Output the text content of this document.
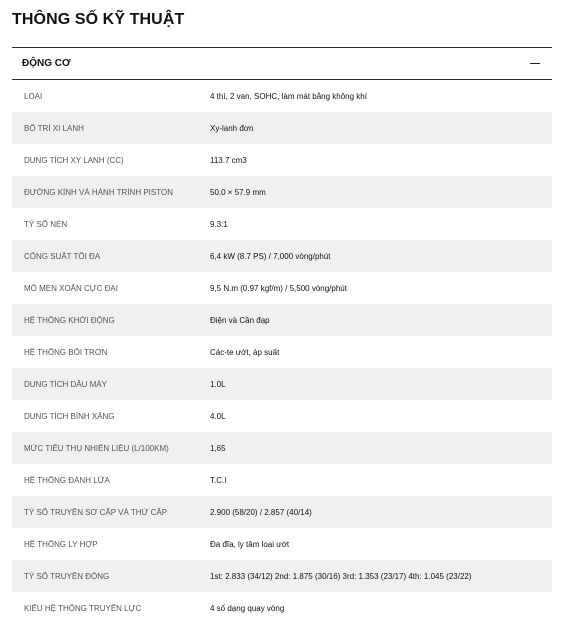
THÔNG SỐ KỸ THUẬT
ĐỘNG CƠ
LOẠI	4 thì, 2 van, SOHC, làm mát bằng không khí
BỐ TRÍ XI LANH	Xy-lanh đơn
DUNG TÍCH XY LANH (CC)	113.7 cm3
ĐƯỜNG KÍNH VÀ HÀNH TRÌNH PISTON	50.0 × 57.9 mm
TỶ SỐ NÉN	9.3:1
CÔNG SUẤT TỐI ĐA	6,4 kW (8.7 PS) / 7,000 vòng/phút
MÔ MEN XOẮN CỰC ĐẠI	9,5 N.m (0.97 kgf/m) / 5,500 vòng/phút
HỆ THỐNG KHỞI ĐỘNG	Điện và Cần đạp
HỆ THỐNG BÔI TRƠN	Các-te ướt, áp suất
DUNG TÍCH DẦU MÁY	1.0L
DUNG TÍCH BÌNH XĂNG	4.0L
MỨC TIÊU THỤ NHIÊN LIỆU (L/100KM)	1,65
HỆ THỐNG ĐÁNH LỬA	T.C.I
TỶ SỐ TRUYỀN SƠ CẤP VÀ THỨ CẤP	2.900 (58/20) / 2.857 (40/14)
HỆ THỐNG LY HỢP	Đa đĩa, ly tâm loại ướt
TỶ SỐ TRUYỀN ĐỘNG	1st: 2.833 (34/12) 2nd: 1.875 (30/16) 3rd: 1.353 (23/17) 4th: 1.045 (23/22)
KIỂU HỆ THỐNG TRUYỀN LỰC	4 số dạng quay vòng
